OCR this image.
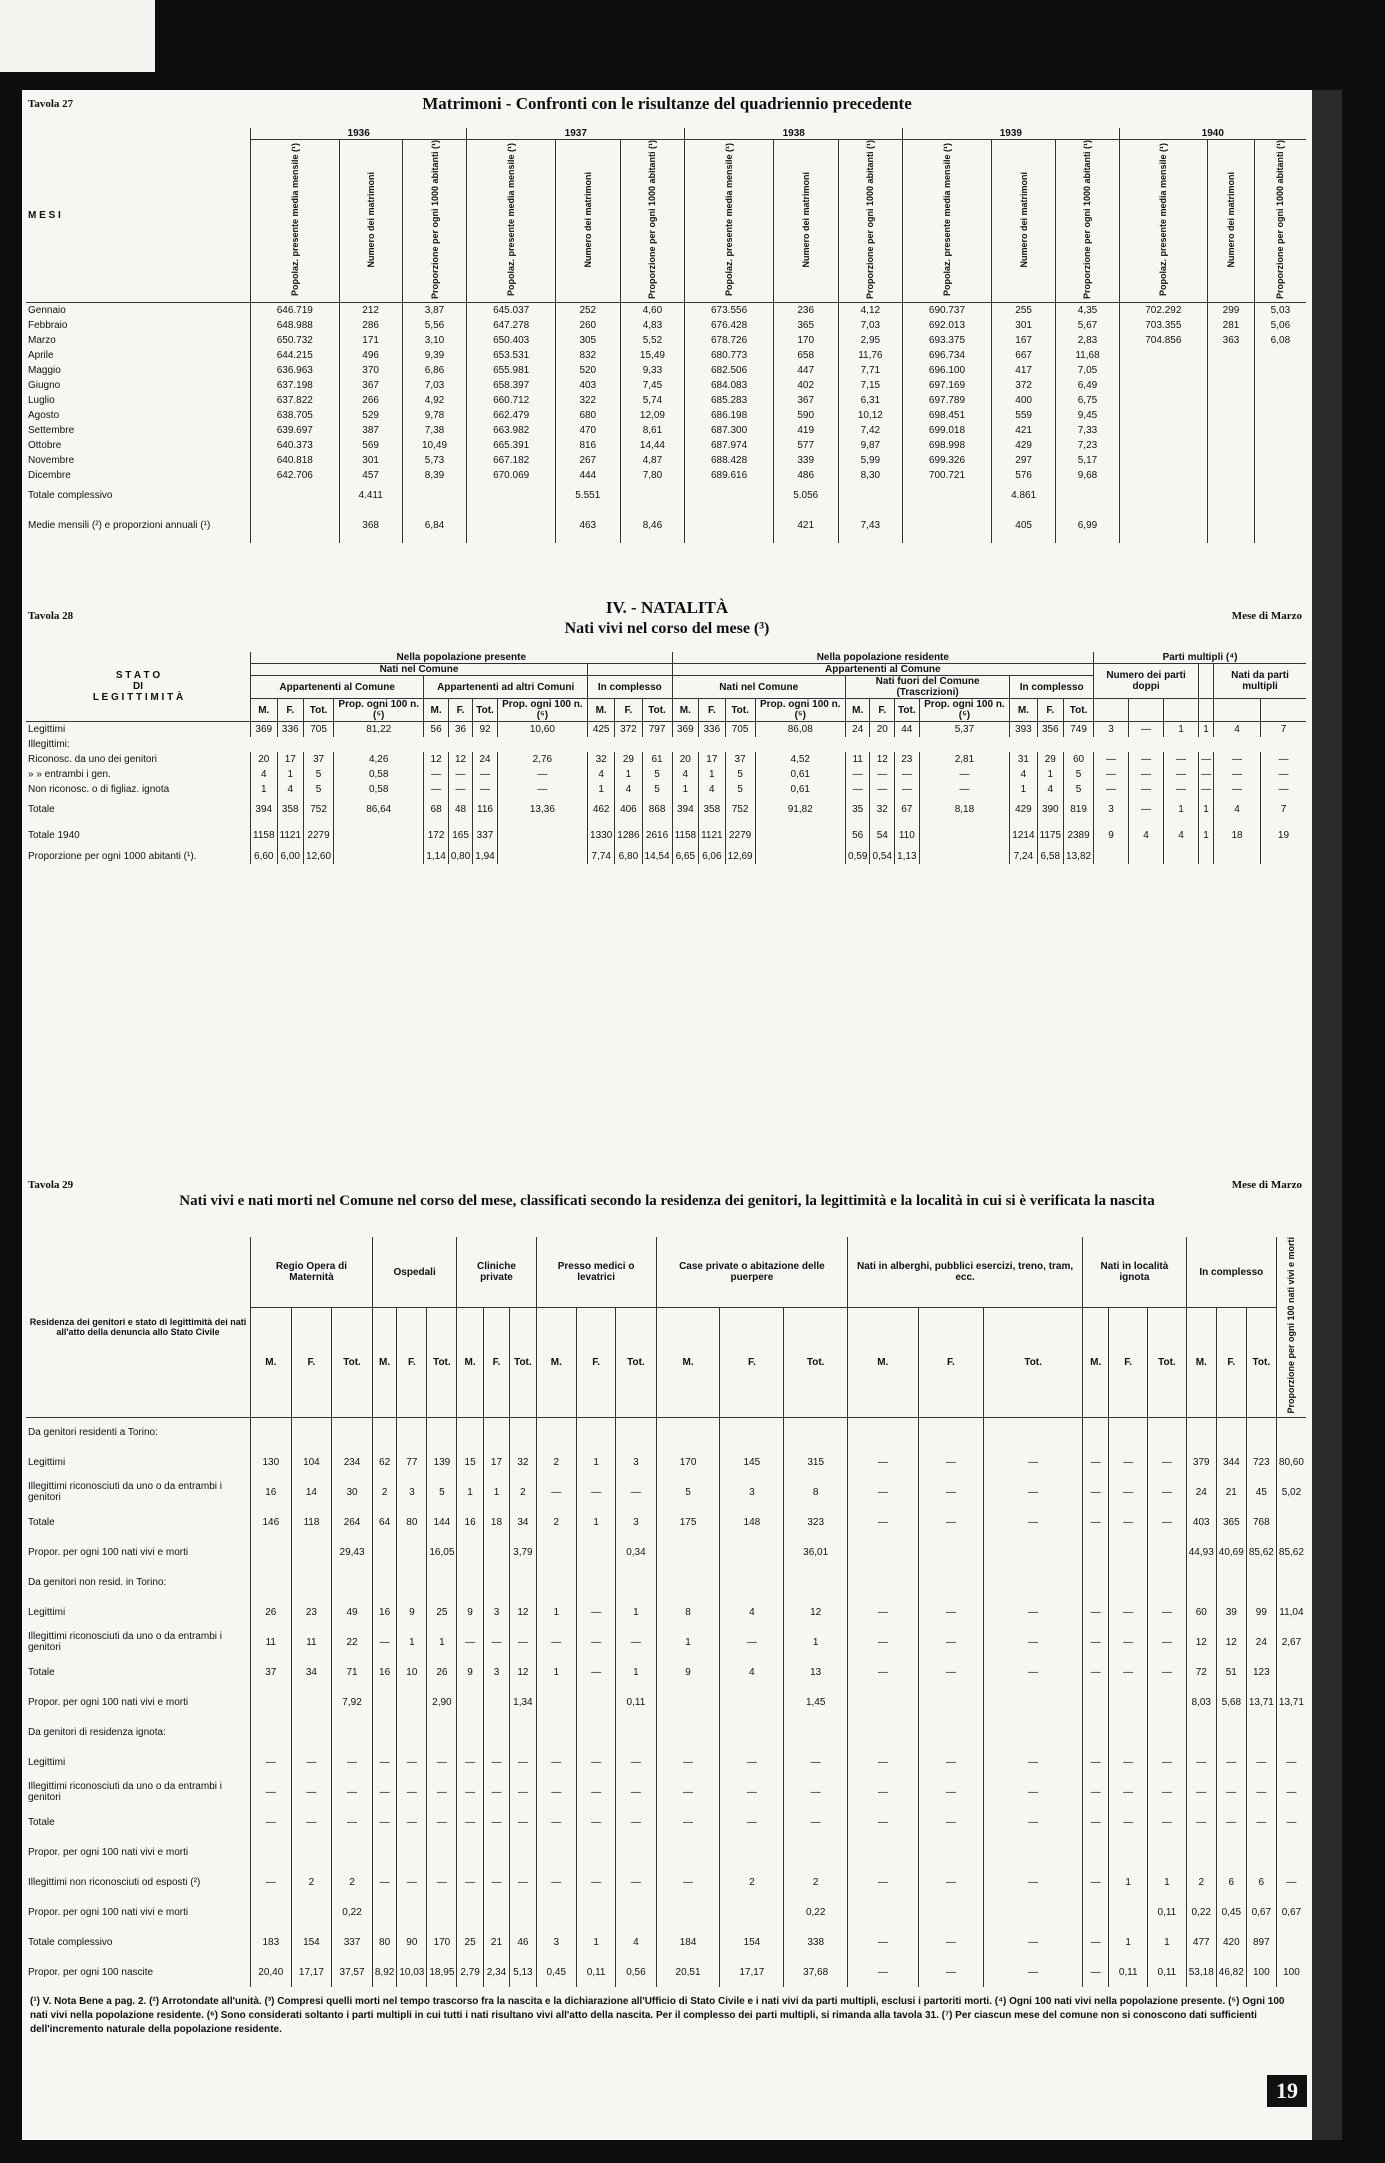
Tavola 27	Matrimoni - Confronti con le risultanze del quadriennio precedente
M E S I	1936			1937			1938			1939			1940		
	Popolaz. presente media mensile (¹)	Numero dei matrimoni	Proporzione per ogni 1000 abitanti (¹)	Popolaz. presente media mensile (¹)	Numero dei matrimoni	Proporzione per ogni 1000 abitanti (¹)	Popolaz. presente media mensile (¹)	Numero dei matrimoni	Proporzione per ogni 1000 abitanti (¹)	Popolaz. presente media mensile (¹)	Numero dei matrimoni	Proporzione per ogni 1000 abitanti (¹)	Popolaz. presente media mensile (¹)	Numero dei matrimoni	Proporzione per ogni 1000 abitanti (¹)
Gennaio	646.719	212	3,87	645.037	252	4,60	673.556	236	4,12	690.737	255	4,35	702.292	299	5,03
Febbraio	648.988	286	5,56	647.278	260	4,83	676.428	365	7,03	692.013	301	5,67	703.355	281	5,06
Marzo	650.732	171	3,10	650.403	305	5,52	678.726	170	2,95	693.375	167	2,83	704.856	363	6,08
Aprile	644.215	496	9,39	653.531	832	15,49	680.773	658	11,76	696.734	667	11,68			
Maggio	636.963	370	6,86	655.981	520	9,33	682.506	447	7,71	696.100	417	7,05			
Giugno	637.198	367	7,03	658.397	403	7,45	684.083	402	7,15	697.169	372	6,49			
Luglio	637.822	266	4,92	660.712	322	5,74	685.283	367	6,31	697.789	400	6,75			
Agosto	638.705	529	9,78	662.479	680	12,09	686.198	590	10,12	698.451	559	9,45			
Settembre	639.697	387	7,38	663.982	470	8,61	687.300	419	7,42	699.018	421	7,33			
Ottobre	640.373	569	10,49	665.391	816	14,44	687.974	577	9,87	698.998	429	7,23			
Novembre	640.818	301	5,73	667.182	267	4,87	688.428	339	5,99	699.326	297	5,17			
Dicembre	642.706	457	8,39	670.069	444	7,80	689.616	486	8,30	700.721	576	9,68			
Totale complessivo		4.411			5.551			5.056			4.861				
Medie mensili (²) e proporzioni annuali (¹)		368	6,84		463	8,46		421	7,43		405	6,99			
Tavola 28	IV. - NATALITÀ
Nati vivi nel corso del mese (³)
Mese di Marzo
S T A T O
DI
L E G I T T I M I T À	Nella popolazione presente											Nella popolazione residente											Parti multipli (⁴)					
	Nati nel Comune											Appartenenti al Comune											Numero dei parti doppi				Nati da parti multipli	
	Appartenenti al Comune				Appartenenti ad altri Comuni				In complesso			Nati nel Comune				Nati fuori del Comune (Trascrizioni)				In complesso								
	M.	F.	Tot.	Prop. ogni 100 n. (⁵)	M.	F.	Tot.	Prop. ogni 100 n. (⁵)	M.	F.	Tot.	M.	F.	Tot.	Prop. ogni 100 n. (⁵)	M.	F.	Tot.	Prop. ogni 100 n. (⁵)	M.	F.	Tot.						

Legittimi	369	336	705	81,22	56	36	92	10,60	425	372	797	369	336	705	86,08	24	20	44	5,37	393	356	749	3	—	1	1	4	7
Illegittimi:																												
Riconosc. da uno dei genitori	20	17	37	4,26	12	12	24	2,76	32	29	61	20	17	37	4,52	11	12	23	2,81	31	29	60	—	—	—	—	—	—
» » entrambi i gen.	4	1	5	0,58	—	—	—	—	4	1	5	4	1	5	0,61	—	—	—	—	4	1	5	—	—	—	—	—	—
Non riconosc. o di figliaz. ignota	1	4	5	0,58	—	—	—	—	1	4	5	1	4	5	0,61	—	—	—	—	1	4	5	—	—	—	—	—	—
Totale	394	358	752	86,64	68	48	116	13,36	462	406	868	394	358	752	91,82	35	32	67	8,18	429	390	819	3	—	1	1	4	7
Totale 1940	1158	1121	2279		172	165	337		1330	1286	2616	1158	1121	2279		56	54	110		1214	1175	2389	9	4	4	1	18	19
Proporzione per ogni 1000 abitanti (¹).	6,60	6,00	12,60		1,14	0,80	1,94		7,74	6,80	14,54	6,65	6,06	12,69		0,59	0,54	1,13		7,24	6,58	13,82						
Tavola 29	Mese di Marzo
Nati vivi e nati morti nel Comune nel corso del mese, classificati secondo la residenza dei genitori, la legittimità e la località in cui si è verificata la nascita
Residenza dei genitori e stato di legittimità dei nati all'atto della denuncia allo Stato Civile	Regio Opera di Maternità			Ospedali			Cliniche private			Presso medici o levatrici			Case private o abitazione delle puerpere			Nati in alberghi, pubblici esercizi, treno, tram, ecc.			Nati in località ignota			In complesso			Proporzione per ogni 100 nati vivi e morti
	M.	F.	Tot.	M.	F.	Tot.	M.	F.	Tot.	M.	F.	Tot.	M.	F.	Tot.	M.	F.	Tot.	M.	F.	Tot.	M.	F.	Tot.	
Da genitori residenti a Torino:																									
Legittimi	130	104	234	62	77	139	15	17	32	2	1	3	170	145	315	—	—	—	—	—	—	379	344	723	80,60
Illegittimi riconosciuti da uno o da entrambi i genitori	16	14	30	2	3	5	1	1	2	—	—	—	5	3	8	—	—	—	—	—	—	24	21	45	5,02
Totale	146	118	264	64	80	144	16	18	34	2	1	3	175	148	323	—	—	—	—	—	—	403	365	768	
Propor. per ogni 100 nati vivi e morti			29,43			16,05			3,79			0,34			36,01							44,93	40,69	85,62	85,62
Da genitori non resid. in Torino:																									
Legittimi	26	23	49	16	9	25	9	3	12	1	—	1	8	4	12	—	—	—	—	—	—	60	39	99	11,04
Illegittimi riconosciuti da uno o da entrambi i genitori	11	11	22	—	1	1	—	—	—	—	—	—	1	—	1	—	—	—	—	—	—	12	12	24	2,67
Totale	37	34	71	16	10	26	9	3	12	1	—	1	9	4	13	—	—	—	—	—	—	72	51	123	
Propor. per ogni 100 nati vivi e morti			7,92			2,90			1,34			0,11			1,45							8,03	5,68	13,71	13,71
Da genitori di residenza ignota:																									
Legittimi	—	—	—	—	—	—	—	—	—	—	—	—	—	—	—	—	—	—	—	—	—	—	—	—	—
Illegittimi riconosciuti da uno o da entrambi i genitori	—	—	—	—	—	—	—	—	—	—	—	—	—	—	—	—	—	—	—	—	—	—	—	—	—
Totale	—	—	—	—	—	—	—	—	—	—	—	—	—	—	—	—	—	—	—	—	—	—	—	—	—
Propor. per ogni 100 nati vivi e morti																									
Illegittimi non riconosciuti od esposti (²)	—	2	2	—	—	—	—	—	—	—	—	—	—	2	2	—	—	—	—	1	1	2	6	6	—
Propor. per ogni 100 nati vivi e morti			0,22												0,22						0,11	0,22	0,45	0,67	0,67
Totale complessivo	183	154	337	80	90	170	25	21	46	3	1	4	184	154	338	—	—	—	—	1	1	477	420	897	
Propor. per ogni 100 nascite	20,40	17,17	37,57	8,92	10,03	18,95	2,79	2,34	5,13	0,45	0,11	0,56	20,51	17,17	37,68	—	—	—	—	0,11	0,11	53,18	46,82	100	100
(¹) V. Nota Bene a pag. 2. (²) Arrotondate all'unità. (³) Compresi quelli morti nel tempo trascorso fra la nascita e la dichiarazione all'Ufficio di Stato Civile e i nati vivi da parti multipli, esclusi i partoriti morti. (⁴) Ogni 100 nati vivi nella popolazione presente. (⁵) Ogni 100 nati vivi nella popolazione residente. (⁶) Sono considerati soltanto i parti multipli in cui tutti i nati risultano vivi all'atto della nascita. Per il complesso dei parti multipli, si rimanda alla tavola 31. (⁷) Per ciascun mese del comune non si conoscono dati sufficienti dell'incremento naturale della popolazione residente.
19
